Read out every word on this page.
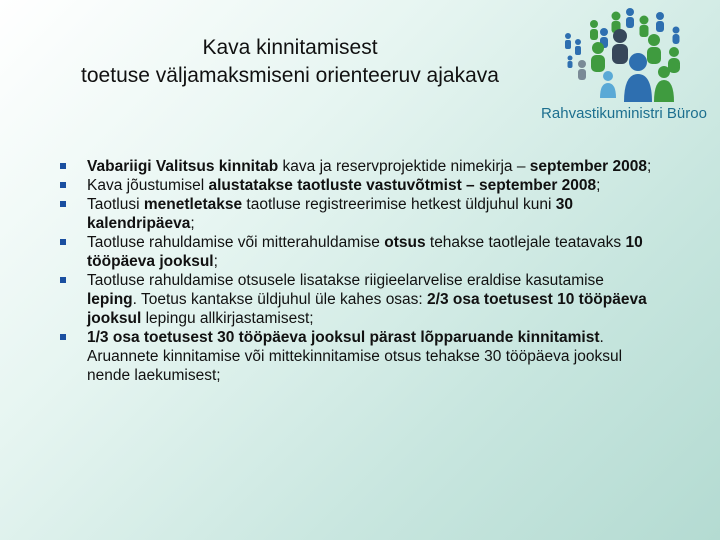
Kava kinnitamisest
toetuse väljamaksmiseni orienteeruv ajakava
Rahvastikuministri Büroo
Vabariigi Valitsus kinnitab kava ja reservprojektide nimekirja – september 2008;
Kava jõustumisel alustatakse taotluste vastuvõtmist – september 2008;
Taotlusi menetletakse taotluse registreerimise hetkest üldjuhul kuni 30 kalendripäeva;
Taotluse rahuldamise või mitterahuldamise otsus tehakse taotlejale teatavaks 10 tööpäeva jooksul;
Taotluse rahuldamise otsusele lisatakse riigieelarvelise eraldise kasutamise leping. Toetus kantakse üldjuhul üle kahes osas: 2/3 osa toetusest 10 tööpäeva jooksul lepingu allkirjastamisest;
1/3 osa toetusest 30 tööpäeva jooksul pärast lõpparuande kinnitamist. Aruannete kinnitamise või mittekinnitamise otsus tehakse 30 tööpäeva jooksul nende laekumisest;
